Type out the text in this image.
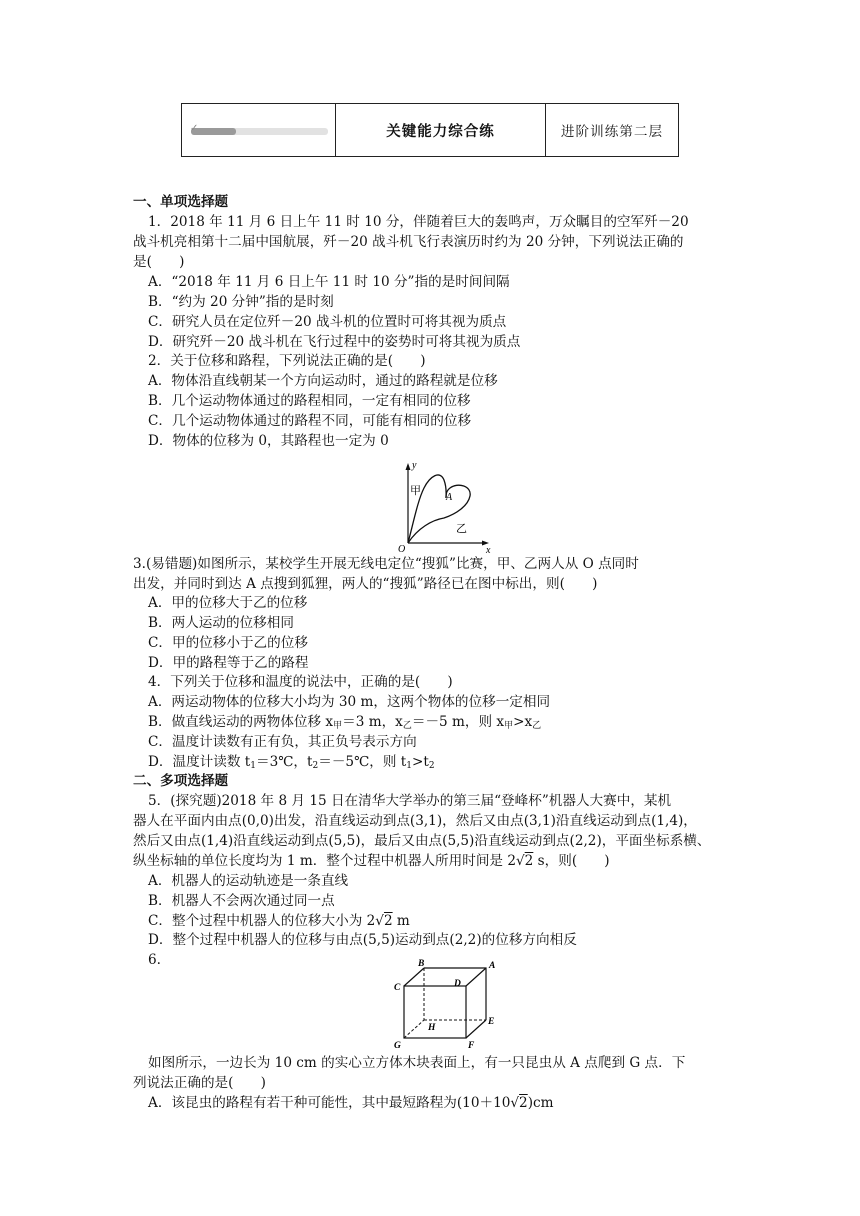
✓	关键能力综合练	进阶训练第二层
一、单项选择题
1．2018 年 11 月 6 日上午 11 时 10 分，伴随着巨大的轰鸣声，万众瞩目的空军歼－20
战斗机亮相第十二届中国航展，歼－20 战斗机飞行表演历时约为 20 分钟，下列说法正确的
是(　　)
A．“2018 年 11 月 6 日上午 11 时 10 分”指的是时间间隔
B．“约为 20 分钟”指的是时刻
C．研究人员在定位歼－20 战斗机的位置时可将其视为质点
D．研究歼－20 战斗机在飞行过程中的姿势时可将其视为质点
2．关于位移和路程，下列说法正确的是(　　)
A．物体沿直线朝某一个方向运动时，通过的路程就是位移
B．几个运动物体通过的路程相同，一定有相同的位移
C．几个运动物体通过的路程不同，可能有相同的位移
D．物体的位移为 0，其路程也一定为 0
y
x
O
甲
A
乙
3.(易错题)如图所示，某校学生开展无线电定位“搜狐”比赛，甲、乙两人从 O 点同时
出发，并同时到达 A 点搜到狐狸，两人的“搜狐”路径已在图中标出，则(　　)
A．甲的位移大于乙的位移
B．两人运动的位移相同
C．甲的位移小于乙的位移
D．甲的路程等于乙的路程
4．下列关于位移和温度的说法中，正确的是(　　)
A．两运动物体的位移大小均为 30 m，这两个物体的位移一定相同
B．做直线运动的两物体位移 $x_甲=3$ m，$x_乙=-5$ m，则 $x_甲>x_乙$
C．温度计读数有正有负，其正负号表示方向
D．温度计读数 $t_1=3℃$，$t_2=-5℃$，则 $t_1>t_2$
二、多项选择题
5．(探究题)2018 年 8 月 15 日在清华大学举办的第三届“登峰杯”机器人大赛中，某机
器人在平面内由点(0,0)出发，沿直线运动到点(3,1)，然后又由点(3,1)沿直线运动到点(1,4)，
然后又由点(1,4)沿直线运动到点(5,5)，最后又由点(5,5)沿直线运动到点(2,2)，平面坐标系横、
纵坐标轴的单位长度均为 1 m．整个过程中机器人所用时间是 2√2 s，则(　　)
A．机器人的运动轨迹是一条直线
B．机器人不会两次通过同一点
C．整个过程中机器人的位移大小为 2√2 m
D．整个过程中机器人的位移与由点(5,5)运动到点(2,2)的位移方向相反
6.	B	A
C	D
H
E
G	F
如图所示，一边长为 10 cm 的实心立方体木块表面上，有一只昆虫从 A 点爬到 G 点．下
列说法正确的是(　　)
A．该昆虫的路程有若干种可能性，其中最短路程为(10＋10√2)cm
